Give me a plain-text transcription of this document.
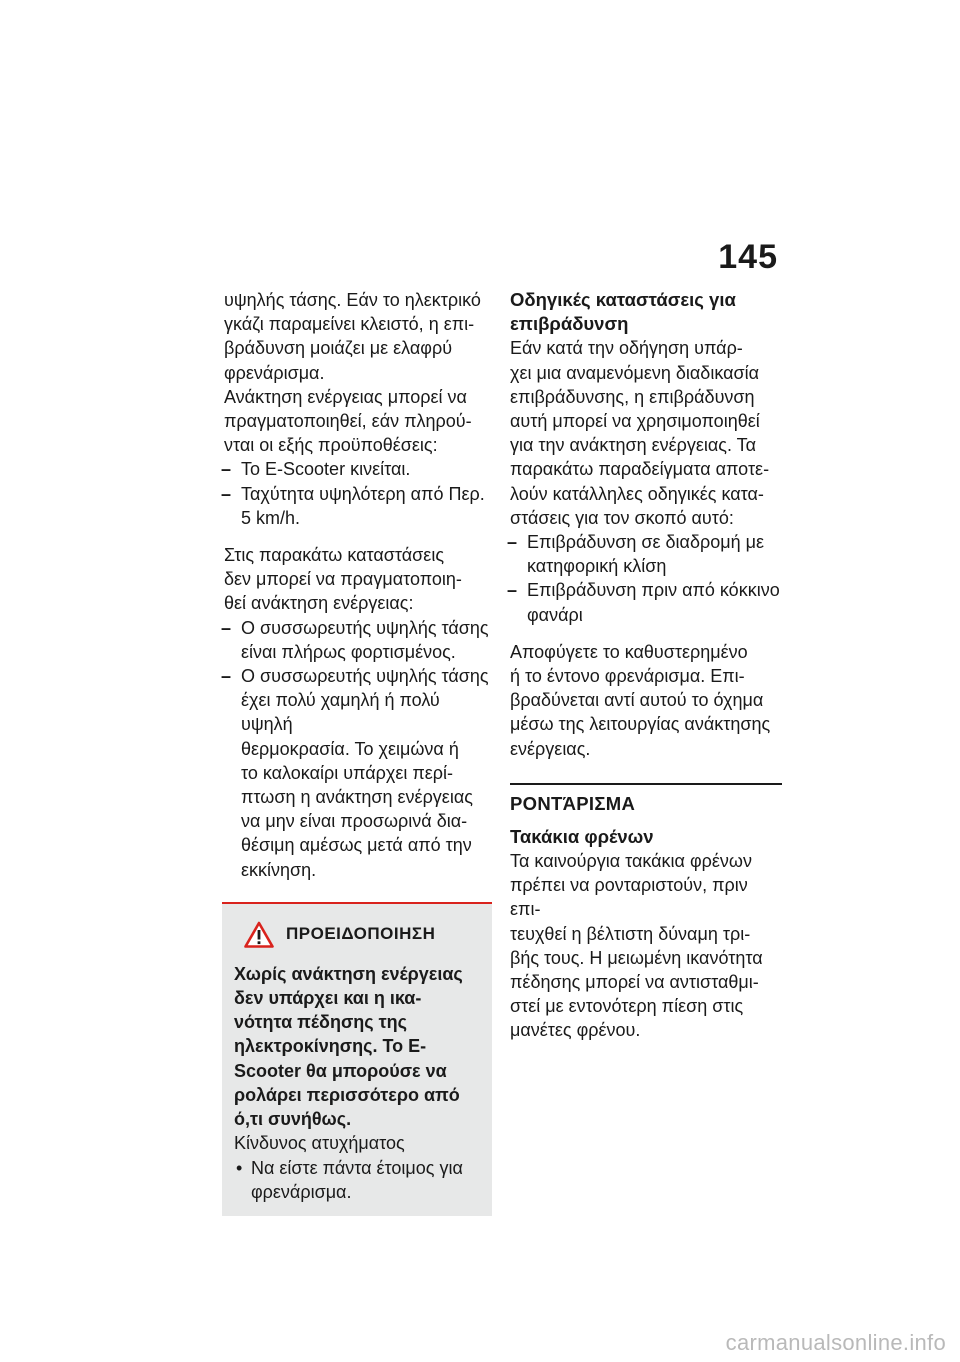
145

υψηλής τάσης. Εάν το ηλεκτρικό
γκάζι παραμείνει κλειστό, η επι-
βράδυνση μοιάζει με ελαφρύ
φρενάρισμα.

Ανάκτηση ενέργειας μπορεί να
πραγματοποιηθεί, εάν πληρού-
νται οι εξής προϋποθέσεις:

– Το E-Scooter κινείται.
– Ταχύτητα υψηλότερη από Περ.
5 km/h.

Στις παρακάτω καταστάσεις
δεν μπορεί να πραγματοποιη-
θεί ανάκτηση ενέργειας:

– Ο συσσωρευτής υψηλής τάσης
είναι πλήρως φορτισμένος.
– Ο συσσωρευτής υψηλής τάσης
έχει πολύ χαμηλή ή πολύ υψηλή
θερμοκρασία. Το χειμώνα ή
το καλοκαίρι υπάρχει περί-
πτωση η ανάκτηση ενέργειας
να μην είναι προσωρινά δια-
θέσιμη αμέσως μετά από την
εκκίνηση.
ΠΡΟΕΙΔΟΠΟΙΗΣΗ

Χωρίς ανάκτηση ενέργειας
δεν υπάρχει και η ικα-
νότητα πέδησης της
ηλεκτροκίνησης. Το E-
Scooter θα μπορούσε να
ρολάρει περισσότερο από
ό,τι συνήθως.

Κίνδυνος ατυχήματος

• Να είστε πάντα έτοιμος για
φρενάρισμα.

Οδηγικές καταστάσεις για
επιβράδυνση

Εάν κατά την οδήγηση υπάρ-
χει μια αναμενόμενη διαδικασία
επιβράδυνσης, η επιβράδυνση
αυτή μπορεί να χρησιμοποιηθεί
για την ανάκτηση ενέργειας. Τα
παρακάτω παραδείγματα αποτε-
λούν κατάλληλες οδηγικές κατα-
στάσεις για τον σκοπό αυτό:

– Επιβράδυνση σε διαδρομή με
κατηφορική κλίση
– Επιβράδυνση πριν από κόκκινο
φανάρι

Αποφύγετε το καθυστερημένο
ή το έντονο φρενάρισμα. Επι-
βραδύνεται αντί αυτού το όχημα
μέσω της λειτουργίας ανάκτησης
ενέργειας.

ΡΟΝΤΆΡΙΣΜΑ

Τακάκια φρένων

Τα καινούργια τακάκια φρένων
πρέπει να ρονταριστούν, πριν επι-
τευχθεί η βέλτιστη δύναμη τρι-
βής τους. Η μειωμένη ικανότητα
πέδησης μπορεί να αντισταθμι-
στεί με εντονότερη πίεση στις
μανέτες φρένου.

carmanualsonline.info
